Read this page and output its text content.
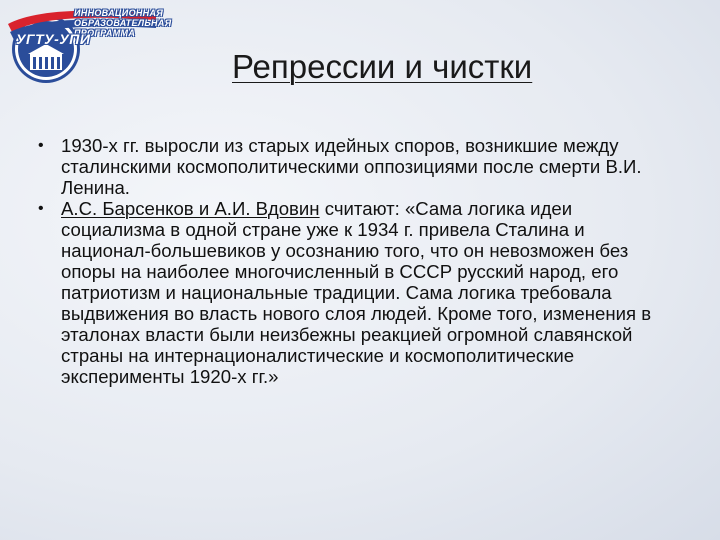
ИННОВАЦИОННАЯ
ОБРАЗОВАТЕЛЬНАЯ
ПРОГРАММА
УГТУ-УПИ
Репрессии и чистки
• 1930-х гг. выросли из старых идейных споров, возникшие между сталинскими космополитическими оппозициями после смерти В.И. Ленина.
• А.С. Барсенков и А.И. Вдовин считают: «Сама логика идеи социализма в одной стране уже к 1934 г. привела Сталина и национал-большевиков у осознанию того, что он невозможен без опоры на наиболее многочисленный в СССР русский народ, его патриотизм и национальные традиции. Сама логика требовала выдвижения во власть нового слоя людей. Кроме того, изменения в эталонах власти были неизбежны реакцией огромной славянской страны на интернационалистические и космополитические эксперименты 1920-х гг.»
